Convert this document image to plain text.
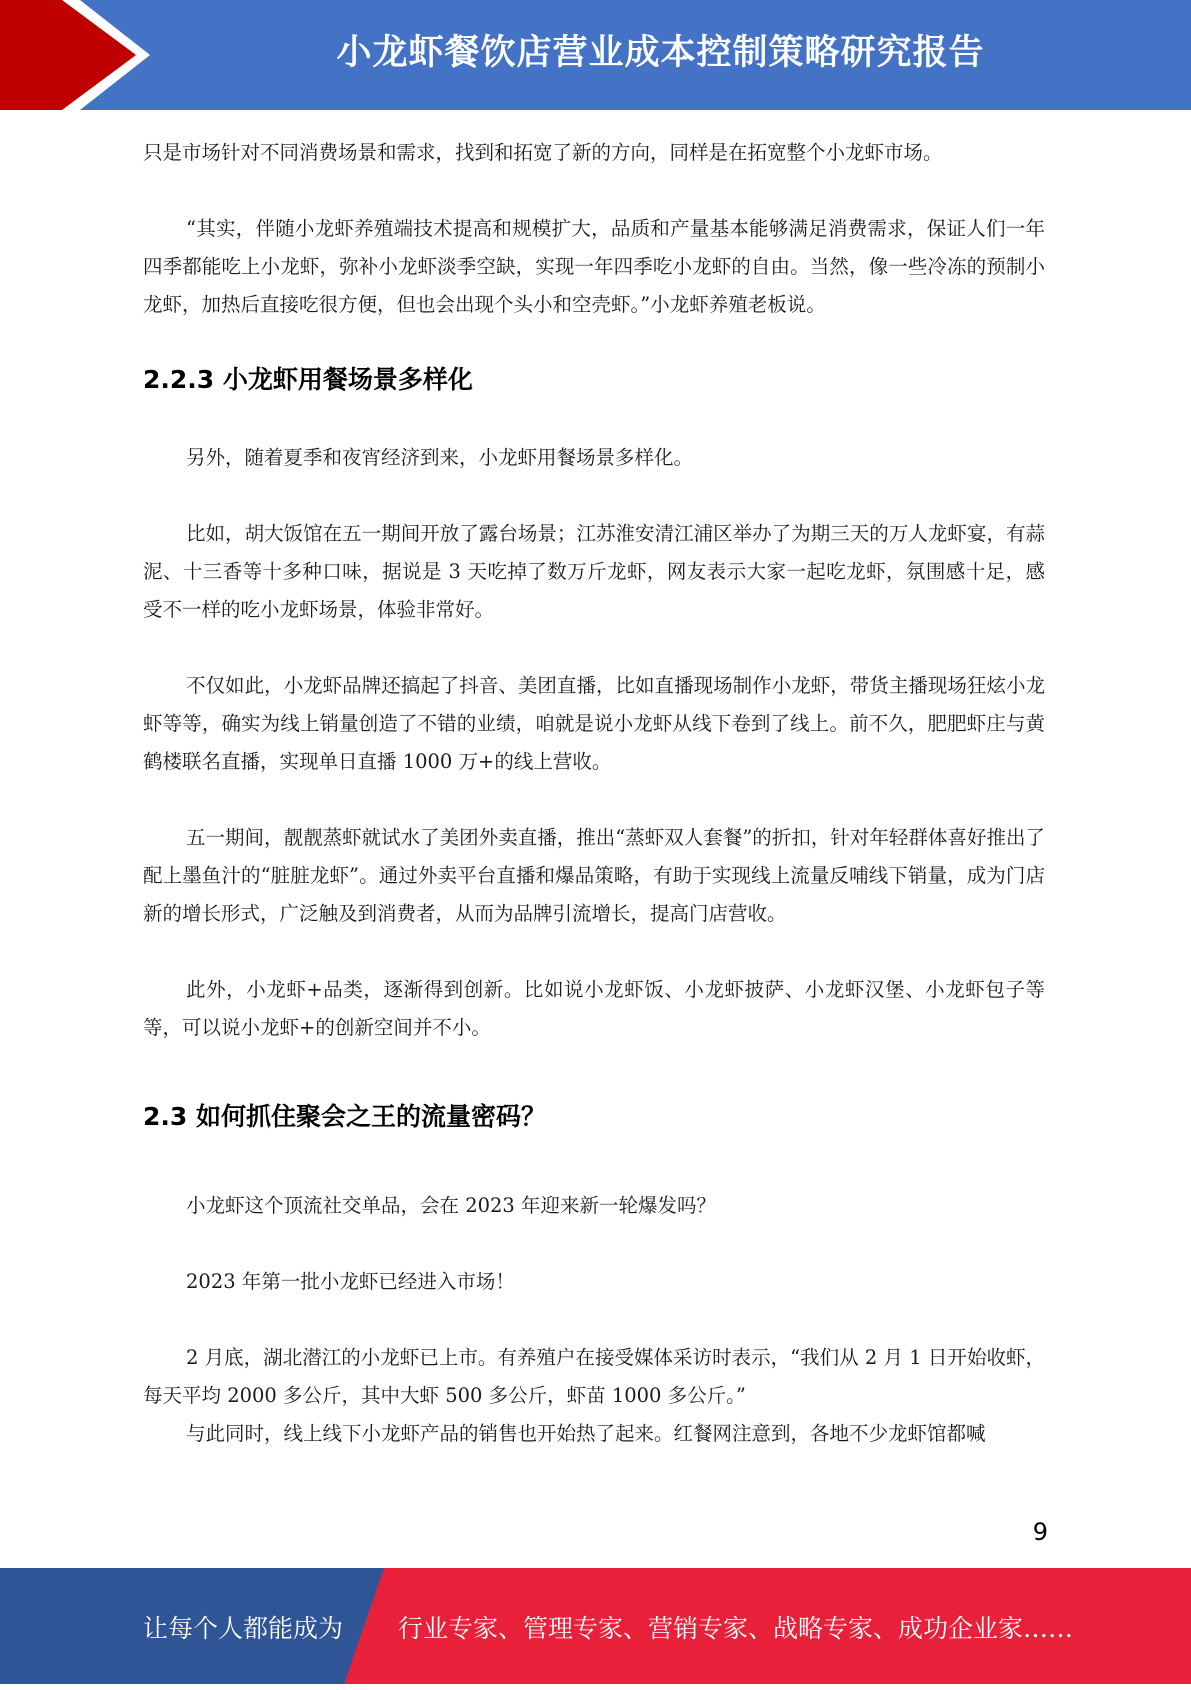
小龙虾餐饮店营业成本控制策略研究报告

只是市场针对不同消费场景和需求，找到和拓宽了新的方向，同样是在拓宽整个小龙虾市场。

“其实，伴随小龙虾养殖端技术提高和规模扩大，品质和产量基本能够满足消费需求，保证人们一年四季都能吃上小龙虾，弥补小龙虾淡季空缺，实现一年四季吃小龙虾的自由。当然，像一些冷冻的预制小龙虾，加热后直接吃很方便，但也会出现个头小和空壳虾。”小龙虾养殖老板说。

2.2.3 小龙虾用餐场景多样化

另外，随着夏季和夜宵经济到来，小龙虾用餐场景多样化。

比如，胡大饭馆在五一期间开放了露台场景；江苏淮安清江浦区举办了为期三天的万人龙虾宴，有蒜泥、十三香等十多种口味，据说是 3 天吃掉了数万斤龙虾，网友表示大家一起吃龙虾，氛围感十足，感受不一样的吃小龙虾场景，体验非常好。

不仅如此，小龙虾品牌还搞起了抖音、美团直播，比如直播现场制作小龙虾，带货主播现场狂炫小龙虾等等，确实为线上销量创造了不错的业绩，咱就是说小龙虾从线下卷到了线上。前不久，肥肥虾庄与黄鹤楼联名直播，实现单日直播 1000 万+的线上营收。

五一期间，靓靓蒸虾就试水了美团外卖直播，推出“蒸虾双人套餐”的折扣，针对年轻群体喜好推出了配上墨鱼汁的“脏脏龙虾”。通过外卖平台直播和爆品策略，有助于实现线上流量反哺线下销量，成为门店新的增长形式，广泛触及到消费者，从而为品牌引流增长，提高门店营收。

此外，小龙虾+品类，逐渐得到创新。比如说小龙虾饭、小龙虾披萨、小龙虾汉堡、小龙虾包子等等，可以说小龙虾+的创新空间并不小。

2.3 如何抓住聚会之王的流量密码？

小龙虾这个顶流社交单品，会在 2023 年迎来新一轮爆发吗？

2023 年第一批小龙虾已经进入市场！

2 月底，湖北潜江的小龙虾已上市。有养殖户在接受媒体采访时表示，“我们从 2 月 1 日开始收虾，每天平均 2000 多公斤，其中大虾 500 多公斤，虾苗 1000 多公斤。”

与此同时，线上线下小龙虾产品的销售也开始热了起来。红餐网注意到，各地不少龙虾馆都喊

9
让每个人都能成为 行业专家、管理专家、营销专家、战略专家、成功企业家……
